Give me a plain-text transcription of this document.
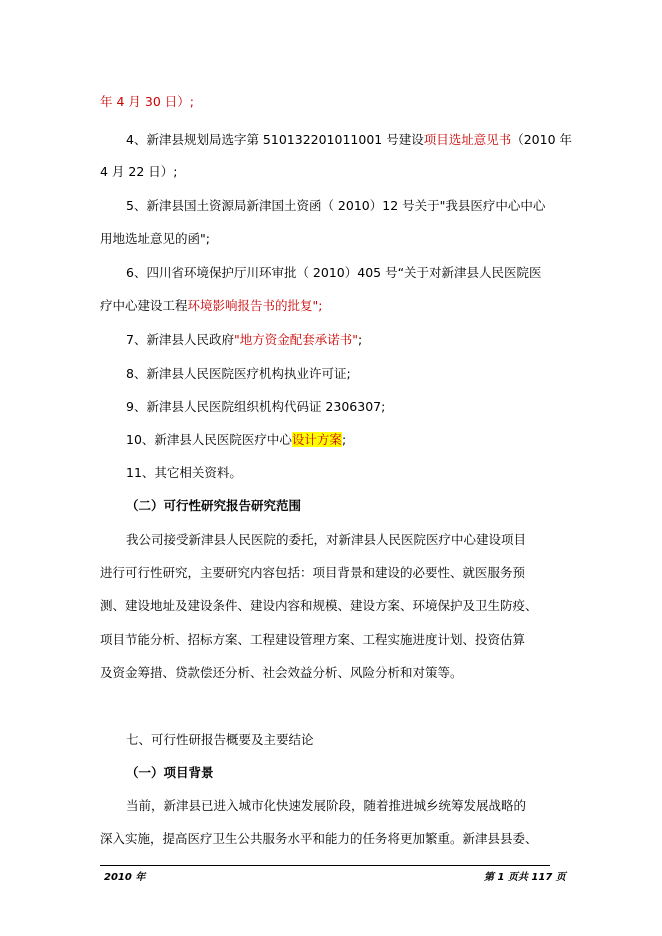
年 4 月 30 日）;
4、新津县规划局选字第 510132201011001 号建设项目选址意见书（2010 年
4 月 22 日）;
5、新津县国土资源局新津国土资函（ 2010）12 号关于"我县医疗中心中心
用地选址意见的函";
6、四川省环境保护厅川环审批（ 2010）405 号“关于对新津县人民医院医
疗中心建设工程环境影响报告书的批复";
7、新津县人民政府"地方资金配套承诺书";
8、新津县人民医院医疗机构执业许可证;
9、新津县人民医院组织机构代码证 2306307;
10、新津县人民医院医疗中心设计方案;
11、其它相关资料。
（二）可行性研究报告研究范围
我公司接受新津县人民医院的委托，对新津县人民医院医疗中心建设项目
进行可行性研究，主要研究内容包括：项目背景和建设的必要性、就医服务预
测、建设地址及建设条件、建设内容和规模、建设方案、环境保护及卫生防疫、
项目节能分析、招标方案、工程建设管理方案、工程实施进度计划、投资估算
及资金筹措、贷款偿还分析、社会效益分析、风险分析和对策等。
七、可行性研报告概要及主要结论
（一）项目背景
当前，新津县已进入城市化快速发展阶段，随着推进城乡统筹发展战略的
深入实施，提高医疗卫生公共服务水平和能力的任务将更加繁重。新津县县委、
2010 年	第 1 页共 117 页
